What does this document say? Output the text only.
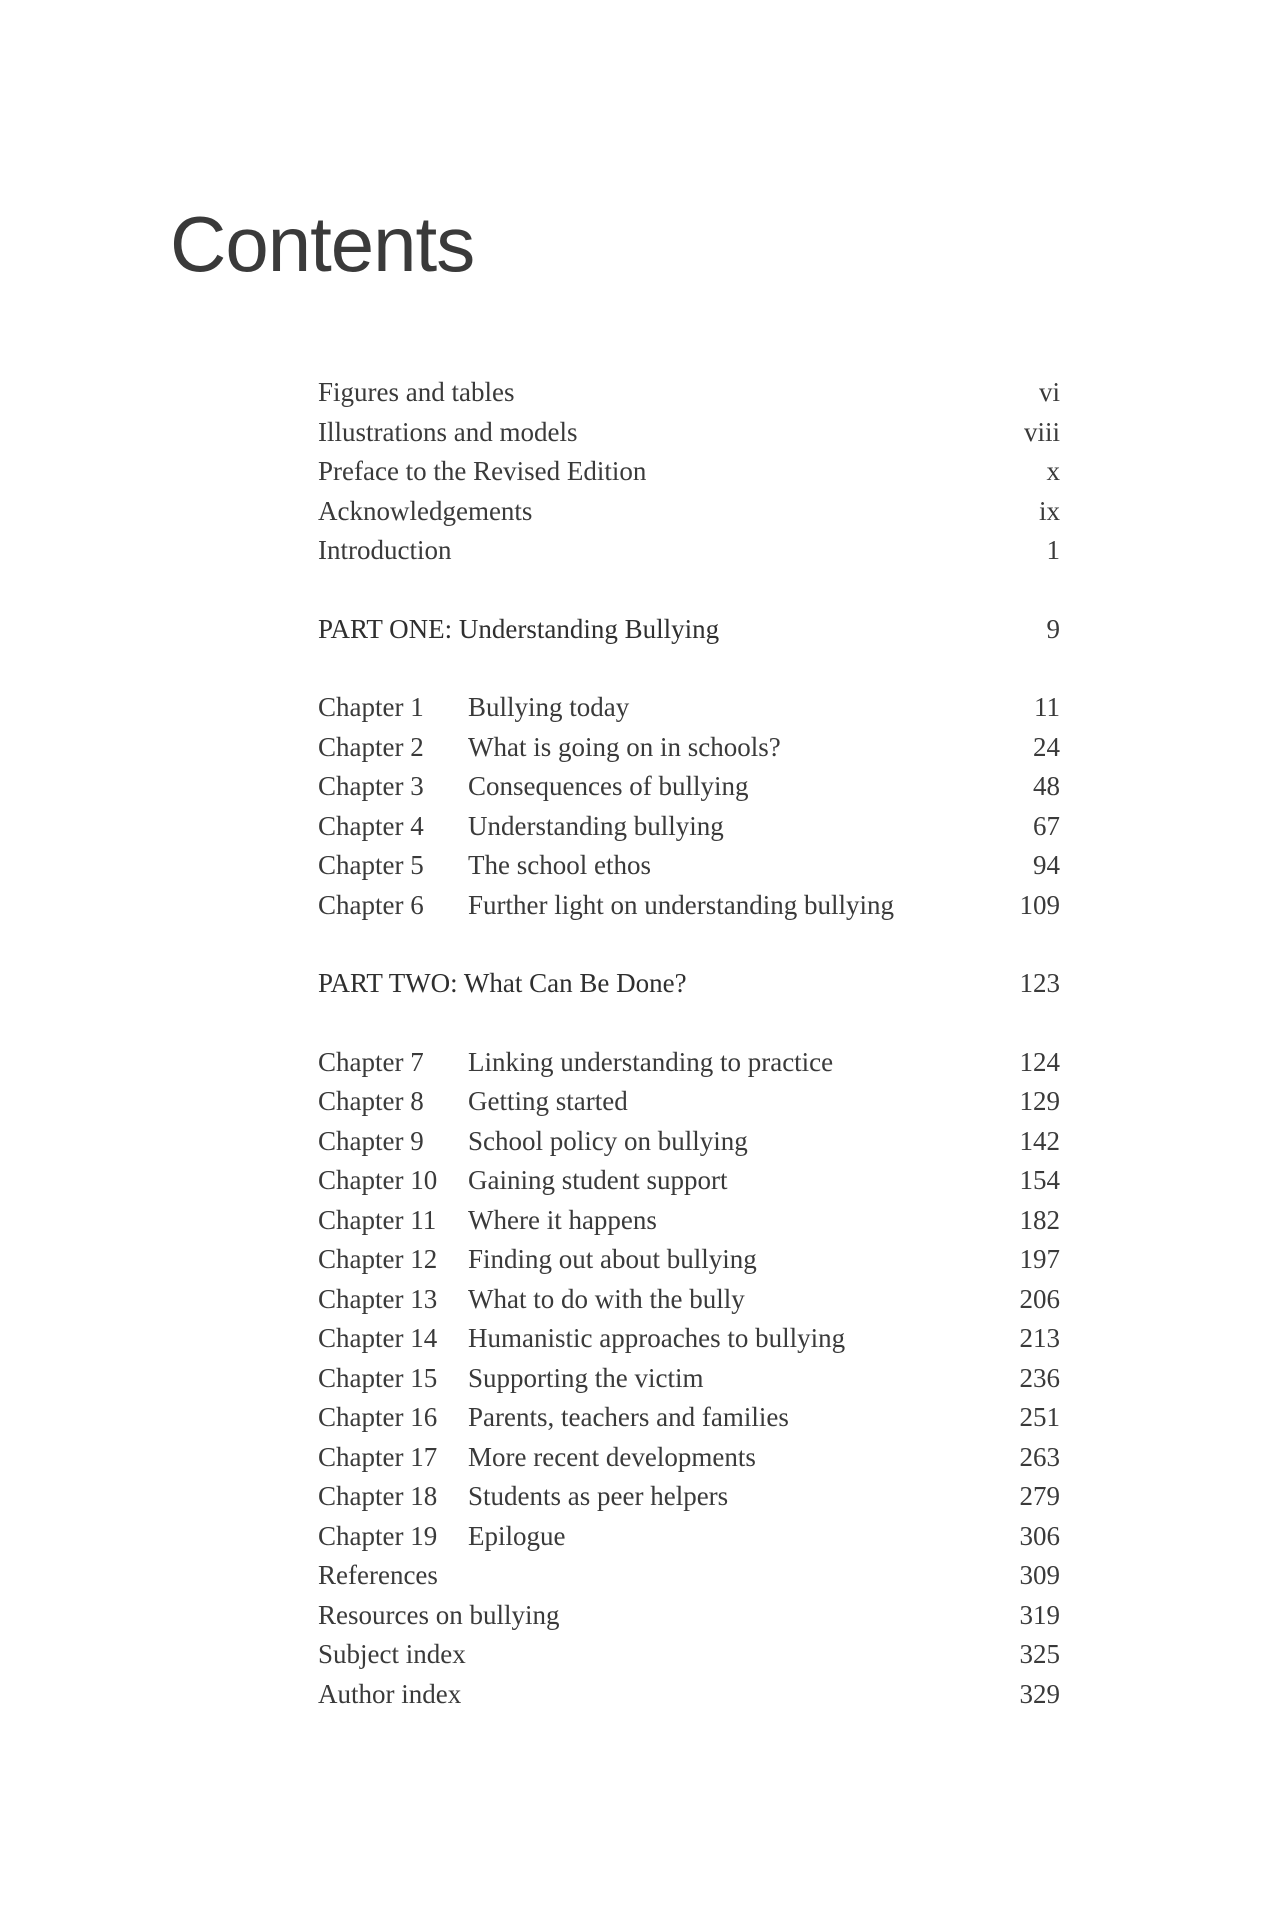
Contents
Figures and tables	vi
Illustrations and models	viii
Preface to the Revised Edition	x
Acknowledgements	ix
Introduction	1
PART ONE: Understanding Bullying	9
Chapter 1	Bullying today	11
Chapter 2	What is going on in schools?	24
Chapter 3	Consequences of bullying	48
Chapter 4	Understanding bullying	67
Chapter 5	The school ethos	94
Chapter 6	Further light on understanding bullying	109
PART TWO: What Can Be Done?	123
Chapter 7	Linking understanding to practice	124
Chapter 8	Getting started	129
Chapter 9	School policy on bullying	142
Chapter 10	Gaining student support	154
Chapter 11	Where it happens	182
Chapter 12	Finding out about bullying	197
Chapter 13	What to do with the bully	206
Chapter 14	Humanistic approaches to bullying	213
Chapter 15	Supporting the victim	236
Chapter 16	Parents, teachers and families	251
Chapter 17	More recent developments	263
Chapter 18	Students as peer helpers	279
Chapter 19	Epilogue	306
References	309
Resources on bullying	319
Subject index	325
Author index	329
